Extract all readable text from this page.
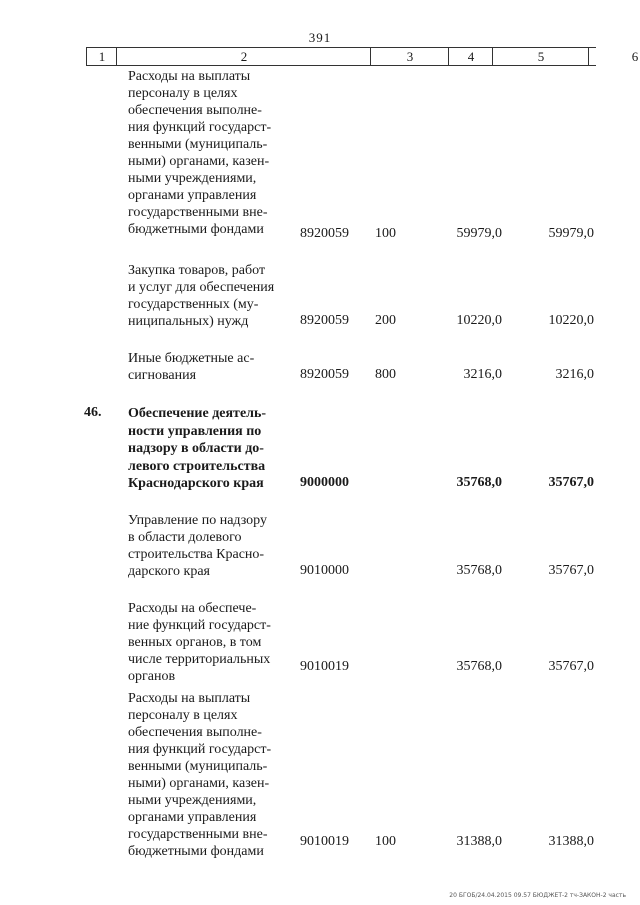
391
1	2	3	4	5	6
Расходы на выплаты
персоналу в целях
обеспечения выполне-
ния функций государст-
венными (муниципаль-
ными) органами, казен-
ными учреждениями,
органами управления
государственными вне-
бюджетными фондами	8920059 100	59979,0	59979,0
Закупка товаров, работ
и услуг для обеспечения
государственных (му-
ниципальных) нужд	8920059 200	10220,0	10220,0
Иные бюджетные ас-
сигнования	8920059 800	3216,0	3216,0
46. Обеспечение деятель-
ности управления по
надзору в области до-
левого строительства
Краснодарского края	9000000	35768,0	35767,0
Управление по надзору
в области долевого
строительства Красно-
дарского края	9010000	35768,0	35767,0
Расходы на обеспече-
ние функций государст-
венных органов, в том
числе территориальных
органов
9010019	35768,0	35767,0
Расходы на выплаты
персоналу в целях
обеспечения выполне-
ния функций государст-
венными (муниципаль-
ными) органами, казен-
ными учреждениями,
органами управления
государственными вне-
бюджетными фондами
9010019 100	31388,0	31388,0
20 БГОБ/24.04.2015 09.57 БЮДЖЕТ-2 тч-ЗАКОН-2 часть
